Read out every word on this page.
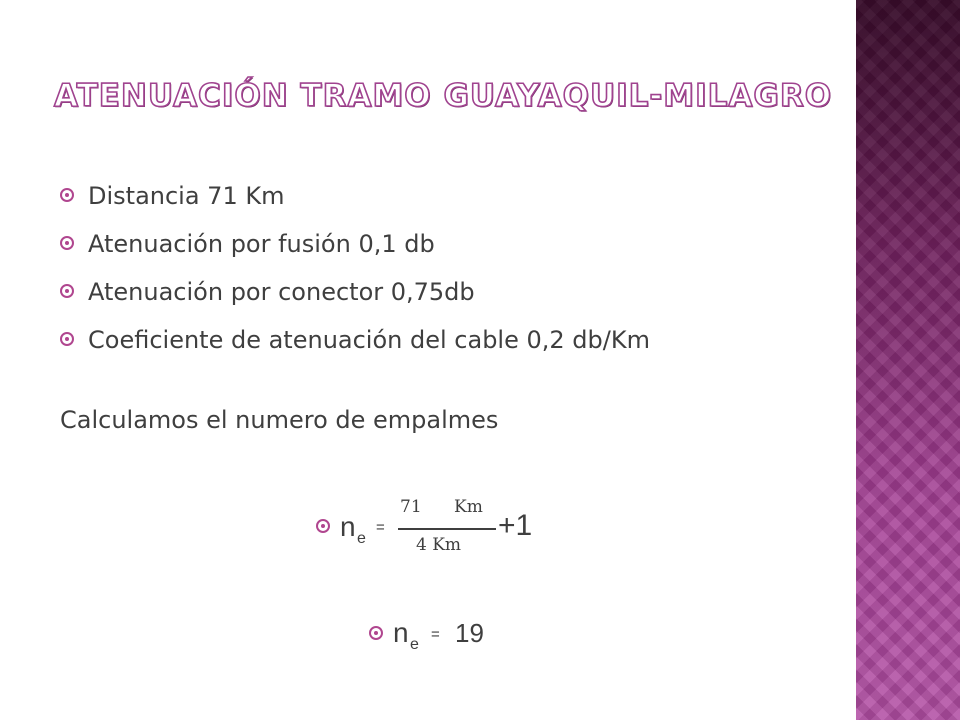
ATENUACIÓN TRAMO GUAYAQUIL-MILAGRO
Distancia 71 Km
Atenuación por fusión 0,1 db
Atenuación por conector 0,75db
Coeficiente de atenuación del cable 0,2 db/Km
Calculamos el numero de empalmes
n e
=
71 Km
4 Km
+1
n e
= 19
